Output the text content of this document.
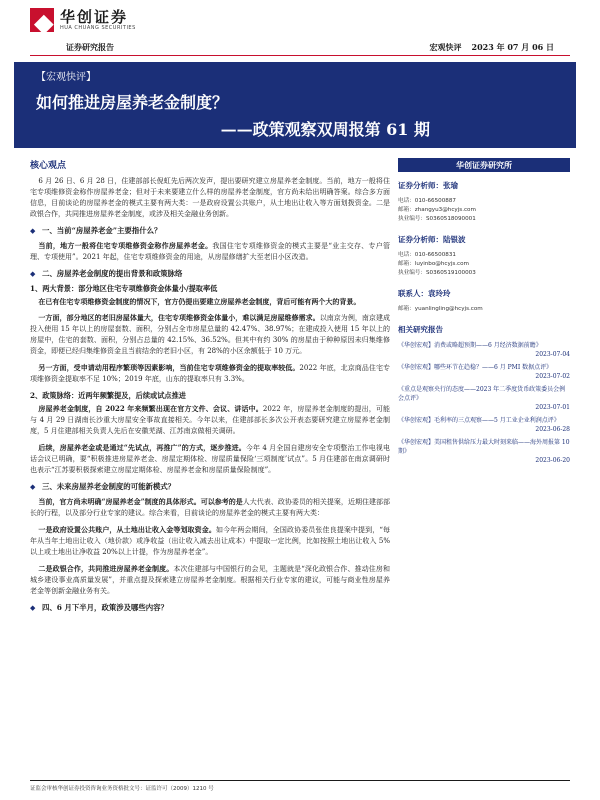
华创证券
HUA CHUANG SECURITIES
证券研究报告	宏观快评 2023 年 07 月 06 日
【宏观快评】
如何推进房屋养老金制度？
——政策观察双周报第 61 期
核心观点

6 月 26 日、6 月 28 日，住建部部长倪虹先后两次发声，提出要研究建立房屋养老金制度。当前，地方一般将住宅专项维修资金称作房屋养老金；但对于未来要建立什么样的房屋养老金制度，官方尚未给出明确答案。综合多方面信息，目前谈论的房屋养老金的模式主要有两大类：一是政府设置公共账户，从土地出让收入等方面划拨资金。二是政银合作，共同推进房屋养老金制度，或涉及相关金融业务创新。

◆ 一、当前“房屋养老金”主要指什么？

当前，地方一般将住宅专项维修资金称作房屋养老金。我国住宅专项维修资金的模式主要是“业主交存、专户管理、专项使用”。2021 年起，住宅专项维修资金的用途，从房屋修缮扩大至老旧小区改造。

◆ 二、房屋养老金制度的提出背景和政策脉络
1、两大背景：部分地区住宅专项维修资金体量小/提取率低

在已有住宅专项维修资金制度的情况下，官方仍提出要建立房屋养老金制度，背后可能有两个大的背景。

一方面，部分地区的老旧房屋体量大，住宅专项维修资金体量小，难以满足房屋维修需求。以南京为例，南京建成投入使用 15 年以上的房屋套数、面积，分别占全市房屋总量的 42.47%、38.97%；在建成投入使用 15 年以上的房屋中，住宅的套数、面积，分别占总量的 42.15%、36.52%。但其中有约 30% 的房屋由于种种原因未归集维修资金，即便已经归集维修资金且当前结余的老旧小区，有 28%的小区余额低于 10 万元。

另一方面，受申请动用程序繁琐等因素影响，当前住宅专项维修资金的提取率较低。2022 年底，北京商品住宅专项维修资金提取率不足 10%；2019 年底，山东的提取率只有 3.3%。

2、政策脉络：近两年频繁提及，后续或试点推进

房屋养老金制度，自 2022 年来频繁出现在官方文件、会议、讲话中。2022 年，房屋养老金制度的提出，可能与 4 月 29 日湖南长沙重大房屋安全事故直接相关。今年以来，住建部部长多次公开表态要研究建立房屋养老金制度，5 月住建部相关负责人先后在安徽芜湖、江苏南京做相关调研。

后续，房屋养老金或是通过“先试点，再推广”的方式，逐步推进。今年 4 月全国自建房安全专项整治工作电视电话会议已明确，要“积极推进房屋养老金、房屋定期体检、房屋质量保险‘三项制度’试点”。5 月住建部在南京调研时也表示“江苏要积极探索建立房屋定期体检、房屋养老金和房屋质量保险制度”。

◆ 三、未来房屋养老金制度的可能新模式？

当前，官方尚未明确“房屋养老金”制度的具体形式。可以参考的是人大代表、政协委员的相关提案，近期住建部部长的行程，以及部分行业专家的建议。综合来看，目前谈论的房屋养老金的模式主要有两大类：

一是政府设置公共账户，从土地出让收入金等划取资金。如今年两会期间，全国政协委员张佳良提案中提到，“每年从当年土地出让收入（地价款）或净收益（出让收入减去出让成本）中提取一定比例，比如按照土地出让收入 5%以上或土地出让净收益 20%以上计提，作为房屋养老金”。

二是政银合作，共同推进房屋养老金制度。本次住建部与中国银行的会见，主题就是“深化政银合作、推动住房和城乡建设事业高质量发展”，并重点提及探索建立房屋养老金制度。根据相关行业专家的建议，可能与商业性房屋养老金等创新金融业务有关。

◆ 四、6 月下半月，政策涉及哪些内容？
华创证券研究所
证券分析师：张瑜
电话：010-66500887
邮箱：zhangyu3@hcyjs.com
执业编号：S0360518090001
证券分析师：陆银波
电话：010-66500831
邮箱：luyinbo@hcyjs.com
执业编号：S0360519100003
联系人：袁玲玲
邮箱：yuanlingling@hcyjs.com
相关研究报告
《华创宏观】消费或略超预期——6 月经济数据前瞻》
2023-07-04
《华创宏观】哪些环节在趋稳？——6 月 PMI 数据点评》
2023-07-02
《重点是观察央行的态度——2023 年二季度货币政策委员会例会点评》
2023-07-01
《华创宏观】毛利率的三点观察——5 月工业企业利润点评》
2023-06-28
《华创宏观】美国租售供给压力最大时刻来临——海外周报第 10 期》
2023-06-20
证监会审核华创证券投资咨询业务资格批文号：证监许可（2009）1210 号
